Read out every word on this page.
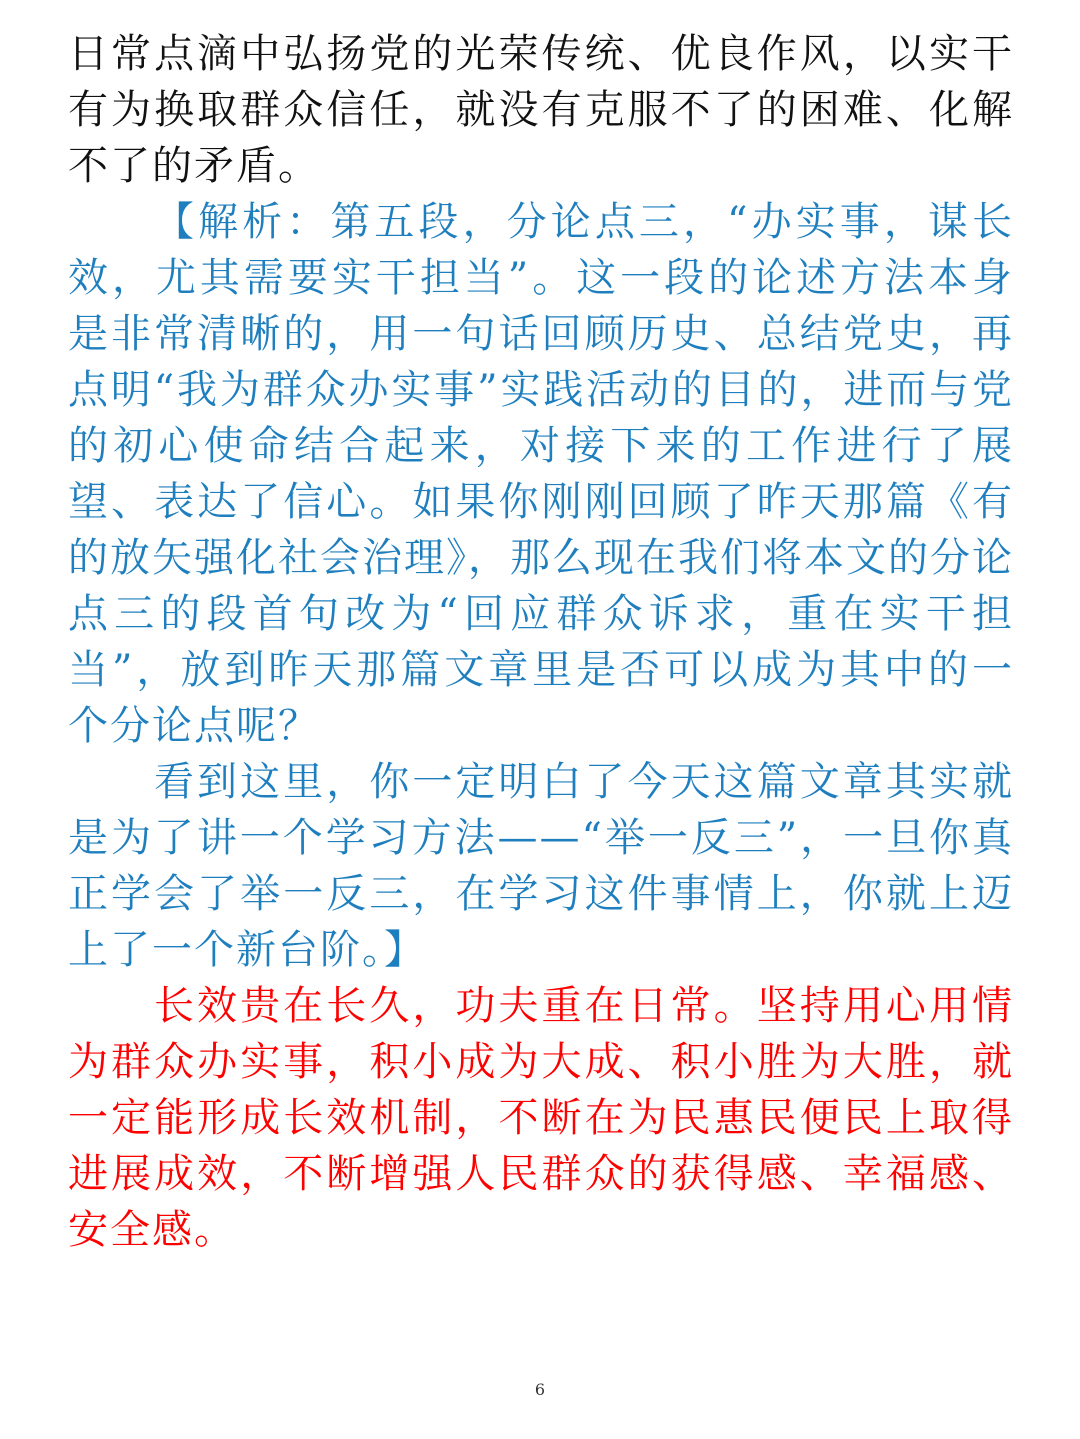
日常点滴中弘扬党的光荣传统、优良作风，以实干有为换取群众信任，就没有克服不了的困难、化解不了的矛盾。

【解析：第五段，分论点三，“办实事，谋长效，尤其需要实干担当”。这一段的论述方法本身是非常清晰的，用一句话回顾历史、总结党史，再点明“我为群众办实事”实践活动的目的，进而与党的初心使命结合起来，对接下来的工作进行了展望、表达了信心。如果你刚刚回顾了昨天那篇《有的放矢强化社会治理》，那么现在我们将本文的分论点三的段首句改为“回应群众诉求，重在实干担当”，放到昨天那篇文章里是否可以成为其中的一个分论点呢？

看到这里，你一定明白了今天这篇文章其实就是为了讲一个学习方法——“举一反三”，一旦你真正学会了举一反三，在学习这件事情上，你就上迈上了一个新台阶。】

长效贵在长久，功夫重在日常。坚持用心用情为群众办实事，积小成为大成、积小胜为大胜，就一定能形成长效机制，不断在为民惠民便民上取得进展成效，不断增强人民群众的获得感、幸福感、安全感。

6
